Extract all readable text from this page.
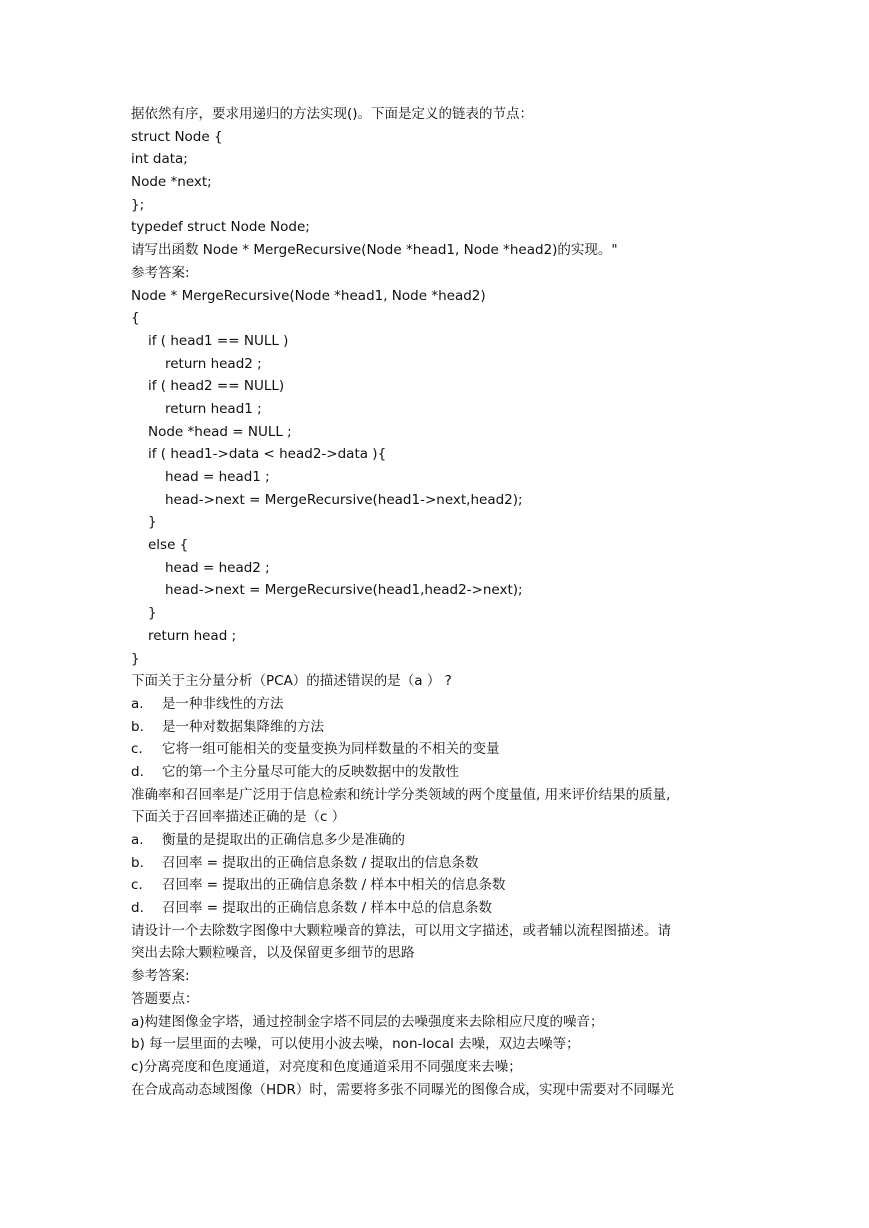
据依然有序，要求用递归的方法实现()。下面是定义的链表的节点：
struct Node {
int data;
Node *next;
};
typedef struct Node Node;
请写出函数 Node * MergeRecursive(Node *head1, Node *head2)的实现。"
参考答案:
Node * MergeRecursive(Node *head1, Node *head2)
{
if ( head1 == NULL )
return head2 ;
if ( head2 == NULL)
return head1 ;
Node *head = NULL ;
if ( head1->data < head2->data ){
head = head1 ;
head->next = MergeRecursive(head1->next,head2);
}
else {
head = head2 ;
head->next = MergeRecursive(head1,head2->next);
}
return head ;
}
下面关于主分量分析（PCA）的描述错误的是（a ） ?
a. 是一种非线性的方法
b. 是一种对数据集降维的方法
c. 它将一组可能相关的变量变换为同样数量的不相关的变量
d. 它的第一个主分量尽可能大的反映数据中的发散性
准确率和召回率是广泛用于信息检索和统计学分类领域的两个度量值, 用来评价结果的质量,
下面关于召回率描述正确的是（c ）
a. 衡量的是提取出的正确信息多少是准确的
b. 召回率 = 提取出的正确信息条数 / 提取出的信息条数
c. 召回率 = 提取出的正确信息条数 / 样本中相关的信息条数
d. 召回率 = 提取出的正确信息条数 / 样本中总的信息条数
请设计一个去除数字图像中大颗粒噪音的算法，可以用文字描述，或者辅以流程图描述。请
突出去除大颗粒噪音，以及保留更多细节的思路
参考答案:
答题要点：
a)构建图像金字塔，通过控制金字塔不同层的去噪强度来去除相应尺度的噪音；
b) 每一层里面的去噪，可以使用小波去噪，non-local 去噪，双边去噪等；
c)分离亮度和色度通道，对亮度和色度通道采用不同强度来去噪；
在合成高动态域图像（HDR）时，需要将多张不同曝光的图像合成，实现中需要对不同曝光
